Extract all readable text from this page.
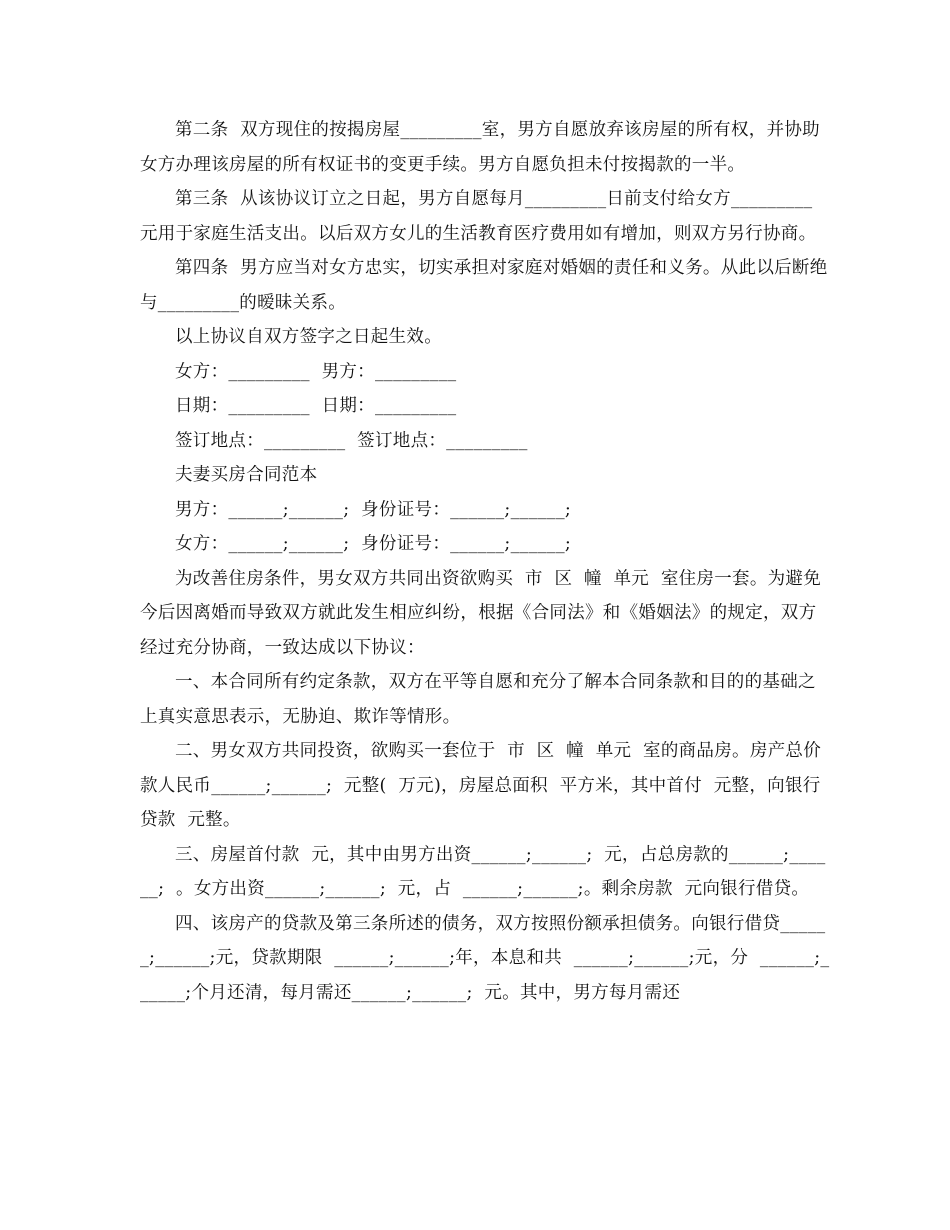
第二条  双方现住的按揭房屋_________室，男方自愿放弃该房屋的所有权，并协助女方办理该房屋的所有权证书的变更手续。男方自愿负担未付按揭款的一半。

第三条  从该协议订立之日起，男方自愿每月_________日前支付给女方_________元用于家庭生活支出。以后双方女儿的生活教育医疗费用如有增加，则双方另行协商。

第四条  男方应当对女方忠实，切实承担对家庭对婚姻的责任和义务。从此以后断绝与_________的暧昧关系。

以上协议自双方签字之日起生效。

女方：_________  男方：_________

日期：_________  日期：_________

签订地点：_________  签订地点：_________

夫妻买房合同范本

男方：______;______;  身份证号：______;______;

女方：______;______;  身份证号：______;______;

为改善住房条件，男女双方共同出资欲购买  市  区  幢  单元  室住房一套。为避免今后因离婚而导致双方就此发生相应纠纷，根据《合同法》和《婚姻法》的规定，双方经过充分协商，一致达成以下协议：

一、本合同所有约定条款，双方在平等自愿和充分了解本合同条款和目的的基础之上真实意思表示，无胁迫、欺诈等情形。

二、男女双方共同投资，欲购买一套位于  市  区  幢  单元  室的商品房。房产总价款人民币______;______;  元整(  万元)，房屋总面积  平方米，其中首付  元整，向银行贷款  元整。

三、房屋首付款  元，其中由男方出资______;______;  元，占总房款的______;______;  。女方出资______;______;  元，占  ______;______;。剩余房款  元向银行借贷。

四、该房产的贷款及第三条所述的债务，双方按照份额承担债务。向银行借贷______;______;元，贷款期限  ______;______;年，本息和共  ______;______;元，分  ______;______;个月还清，每月需还______;______;  元。其中，男方每月需还
